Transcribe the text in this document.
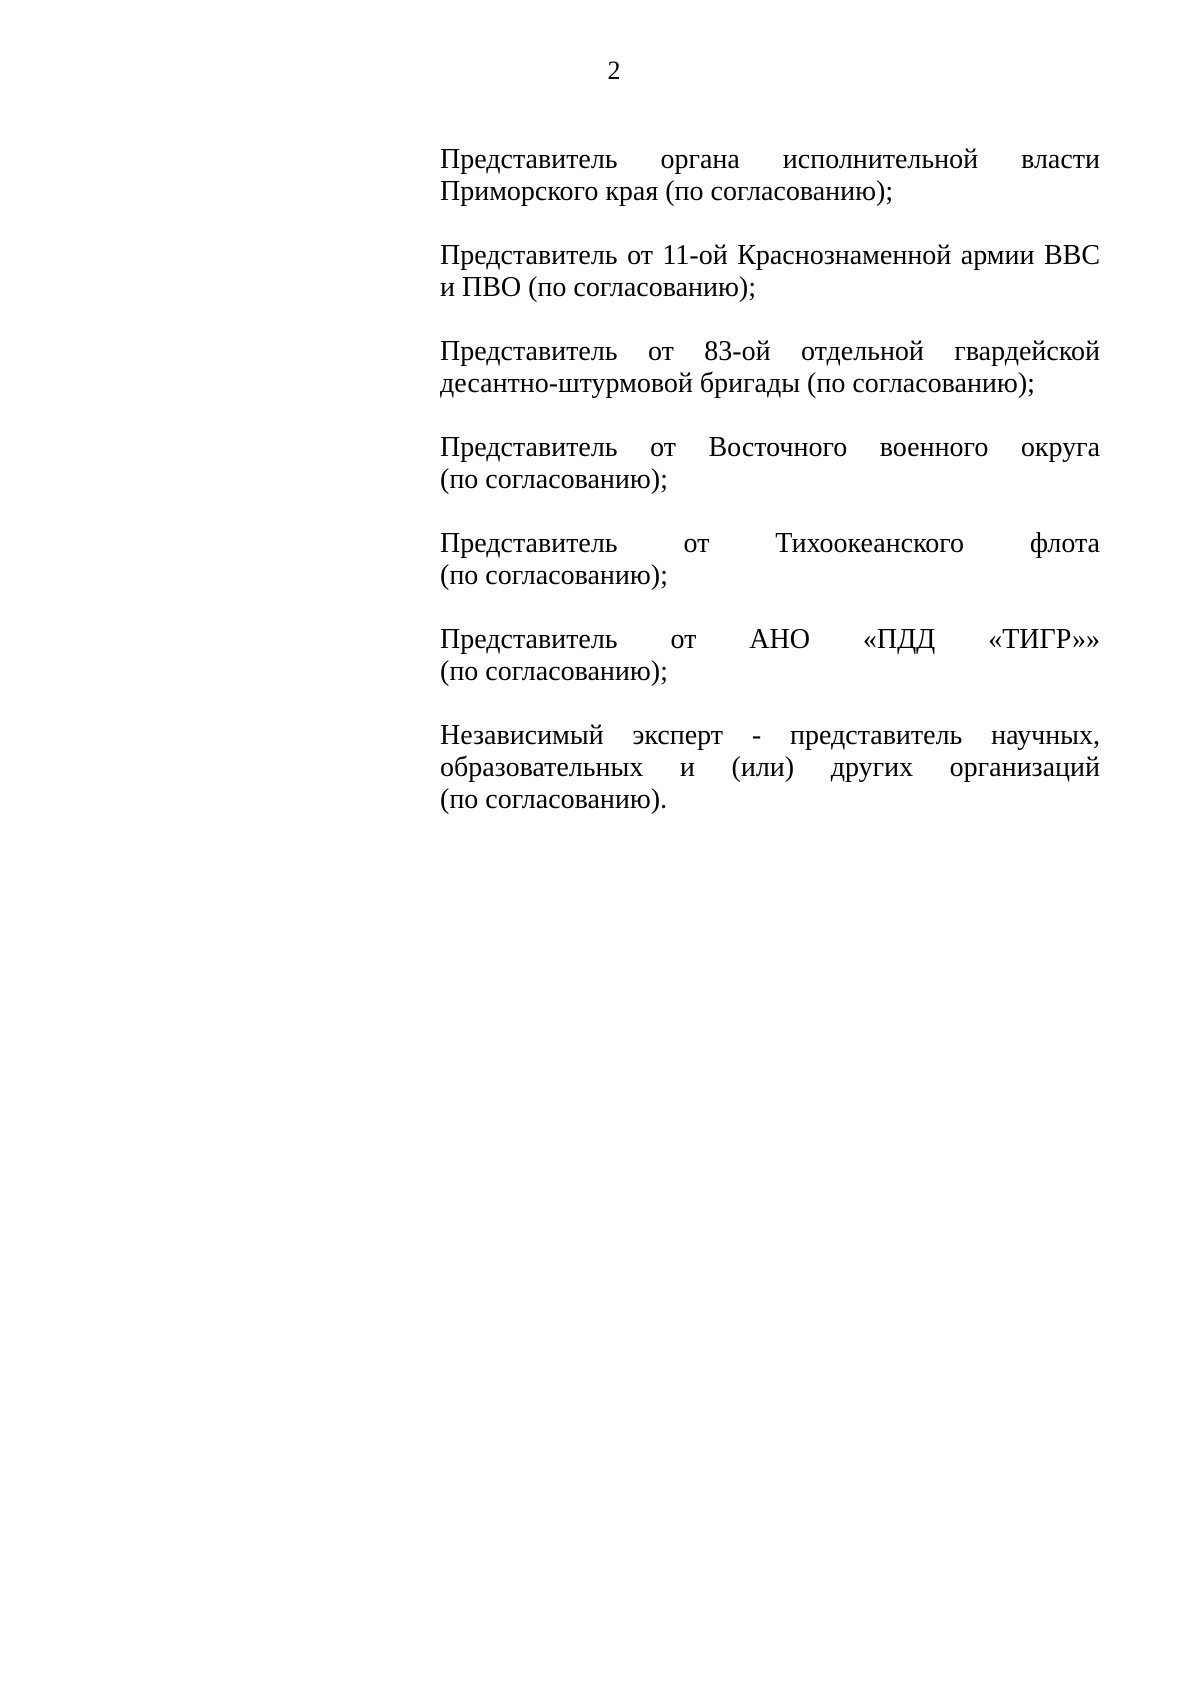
2
Представитель органа исполнительной власти
Приморского края (по согласованию);
Представитель от 11-ой Краснознаменной армии ВВС
и ПВО (по согласованию);
Представитель от 83-ой отдельной гвардейской
десантно-штурмовой бригады (по согласованию);
Представитель от Восточного военного округа
(по согласованию);
Представитель от Тихоокеанского флота
(по согласованию);
Представитель от АНО «ПДД «ТИГР»»
(по согласованию);
Независимый эксперт - представитель научных,
образовательных и (или) других организаций
(по согласованию).
